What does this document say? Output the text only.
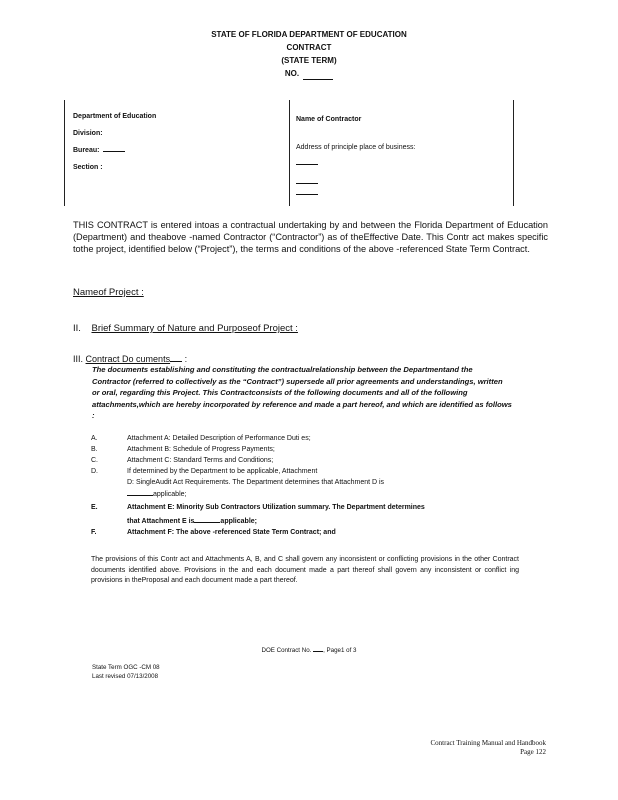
STATE OF FLORIDA DEPARTMENT OF EDUCATION
CONTRACT
(STATE TERM)
NO.
Department of Education
Division:
Bureau:
Section :
Name of Contractor
Address of principle place of business:
THIS CONTRACT is entered intoas a contractual undertaking by and between the Florida Department of Education (Department) and theabove -named Contractor (“Contractor”) as of theEffective Date. This Contr act makes specific tothe project, identified below (“Project”), the terms and conditions of the above -referenced State Term Contract.
Nameof Project :
II. Brief Summary of Nature and Purposeof Project :
III. Contract Do cuments :
The documents establishing and constituting the contractualrelationship between the Departmentand the Contractor (referred to collectively as the “Contract”) supersede all prior agreements and understandings, written or oral, regarding this Project. This Contractconsists of the following documents and all of the following attachments,which are hereby incorporated by reference and made a part hereof, and which are identified as follows :
A.	Attachment A: Detailed Description of Performance Duti es;
B.	Attachment B: Schedule of Progress Payments;
C.	Attachment C: Standard Terms and Conditions;
D.	If determined by the Department to be applicable, Attachment
D: SingleAudit Act Requirements. The Department determines that Attachment D is
applicable;
E.	Attachment E: Minority Sub Contractors Utilization summary. The Department determines
that Attachment E is	applicable;
F.	Attachment F: The above -referenced State Term Contract; and
The provisions of this Contr act and Attachments A, B, and C shall govern any inconsistent or conflicting provisions in the other Contract documents identified above. Provisions in the and each document made a part thereof shall govern any inconsistent or conflict ing provisions in theProposal and each document made a part thereof.
DOE Contract No. , Page1 of 3
State Term OGC -CM 08
Last revised 07/13/2008
Contract Training Manual and Handbook
Page 122
